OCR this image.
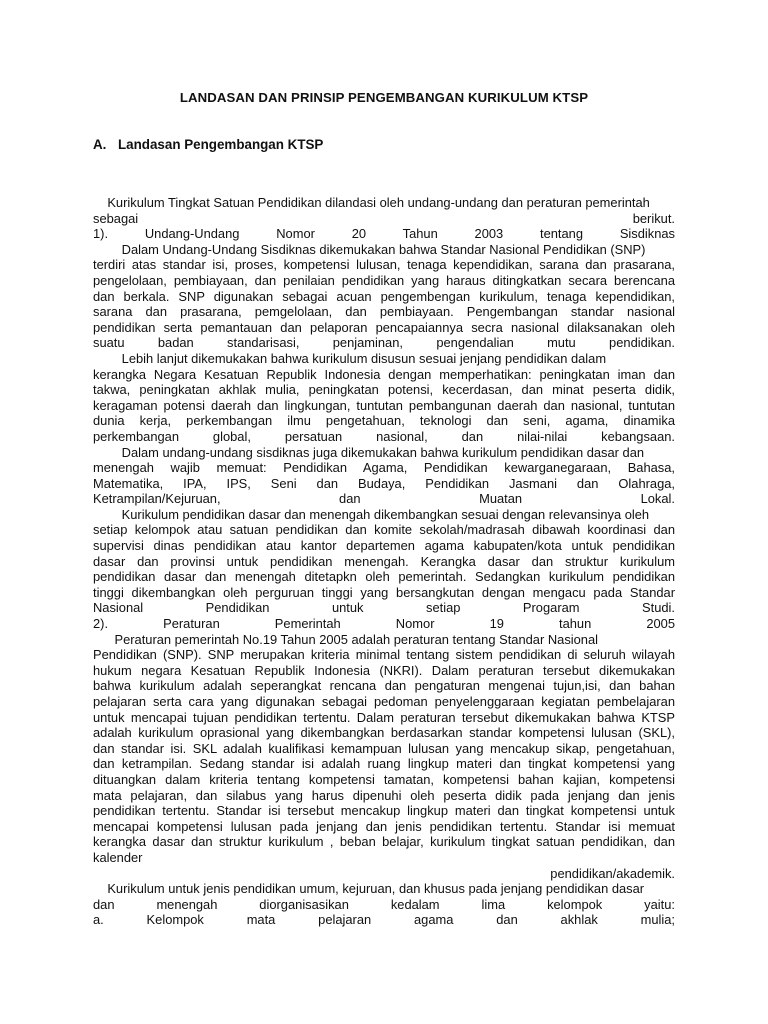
LANDASAN DAN PRINSIP PENGEMBANGAN KURIKULUM KTSP
A. Landasan Pengembangan KTSP
Kurikulum Tingkat Satuan Pendidikan dilandasi oleh undang-undang dan peraturan pemerintah
sebagai berikut.
1). Undang-Undang Nomor 20 Tahun 2003 tentang Sisdiknas
Dalam Undang-Undang Sisdiknas dikemukakan bahwa Standar Nasional Pendidikan (SNP)
terdiri atas standar isi, proses, kompetensi lulusan, tenaga kependidikan, sarana dan prasarana,
pengelolaan, pembiayaan, dan penilaian pendidikan yang haraus ditingkatkan secara berencana
dan berkala. SNP digunakan sebagai acuan pengembengan kurikulum, tenaga kependidikan,
sarana dan prasarana, pemgelolaan, dan pembiayaan. Pengembangan standar nasional
pendidikan serta pemantauan dan pelaporan pencapaiannya secra nasional dilaksanakan oleh
suatu badan standarisasi, penjaminan, pengendalian mutu pendidikan.
Lebih lanjut dikemukakan bahwa kurikulum disusun sesuai jenjang pendidikan dalam
kerangka Negara Kesatuan Republik Indonesia dengan memperhatikan: peningkatan iman dan
takwa, peningkatan akhlak mulia, peningkatan potensi, kecerdasan, dan minat peserta didik,
keragaman potensi daerah dan lingkungan, tuntutan pembangunan daerah dan nasional, tuntutan
dunia kerja, perkembangan ilmu pengetahuan, teknologi dan seni, agama, dinamika
perkembangan global, persatuan nasional, dan nilai-nilai kebangsaan.
Dalam undang-undang sisdiknas juga dikemukakan bahwa kurikulum pendidikan dasar dan
menengah wajib memuat: Pendidikan Agama, Pendidikan kewarganegaraan, Bahasa,
Matematika, IPA, IPS, Seni dan Budaya, Pendidikan Jasmani dan Olahraga,
Ketrampilan/Kejuruan, dan Muatan Lokal.
Kurikulum pendidikan dasar dan menengah dikembangkan sesuai dengan relevansinya oleh
setiap kelompok atau satuan pendidikan dan komite sekolah/madrasah dibawah koordinasi dan
supervisi dinas pendidikan atau kantor departemen agama kabupaten/kota untuk pendidikan
dasar dan provinsi untuk pendidikan menengah. Kerangka dasar dan struktur kurikulum
pendidikan dasar dan menengah ditetapkn oleh pemerintah. Sedangkan kurikulum pendidikan
tinggi dikembangkan oleh perguruan tinggi yang bersangkutan dengan mengacu pada Standar
Nasional Pendidikan untuk setiap Progaram Studi.
2). Peraturan Pemerintah Nomor 19 tahun 2005
Peraturan pemerintah No.19 Tahun 2005 adalah peraturan tentang Standar Nasional
Pendidikan (SNP). SNP merupakan kriteria minimal tentang sistem pendidikan di seluruh wilayah
hukum negara Kesatuan Republik Indonesia (NKRI). Dalam peraturan tersebut dikemukakan
bahwa kurikulum adalah seperangkat rencana dan pengaturan mengenai tujun,isi, dan bahan
pelajaran serta cara yang digunakan sebagai pedoman penyelenggaraan kegiatan pembelajaran
untuk mencapai tujuan pendidikan tertentu. Dalam peraturan tersebut dikemukakan bahwa KTSP
adalah kurikulum oprasional yang dikembangkan berdasarkan standar kompetensi lulusan (SKL),
dan standar isi. SKL adalah kualifikasi kemampuan lulusan yang mencakup sikap, pengetahuan,
dan ketrampilan. Sedang standar isi adalah ruang lingkup materi dan tingkat kompetensi yang
dituangkan dalam kriteria tentang kompetensi tamatan, kompetensi bahan kajian, kompetensi
mata pelajaran, dan silabus yang harus dipenuhi oleh peserta didik pada jenjang dan jenis
pendidikan tertentu. Standar isi tersebut mencakup lingkup materi dan tingkat kompetensi untuk
mencapai kompetensi lulusan pada jenjang dan jenis pendidikan tertentu. Standar isi memuat
kerangka dasar dan struktur kurikulum , beban belajar, kurikulum tingkat satuan pendidikan, dan
kalender
pendidikan/akademik.
Kurikulum untuk jenis pendidikan umum, kejuruan, dan khusus pada jenjang pendidikan dasar
dan menengah diorganisasikan kedalam lima kelompok yaitu:
a. Kelompok mata pelajaran agama dan akhlak mulia;
